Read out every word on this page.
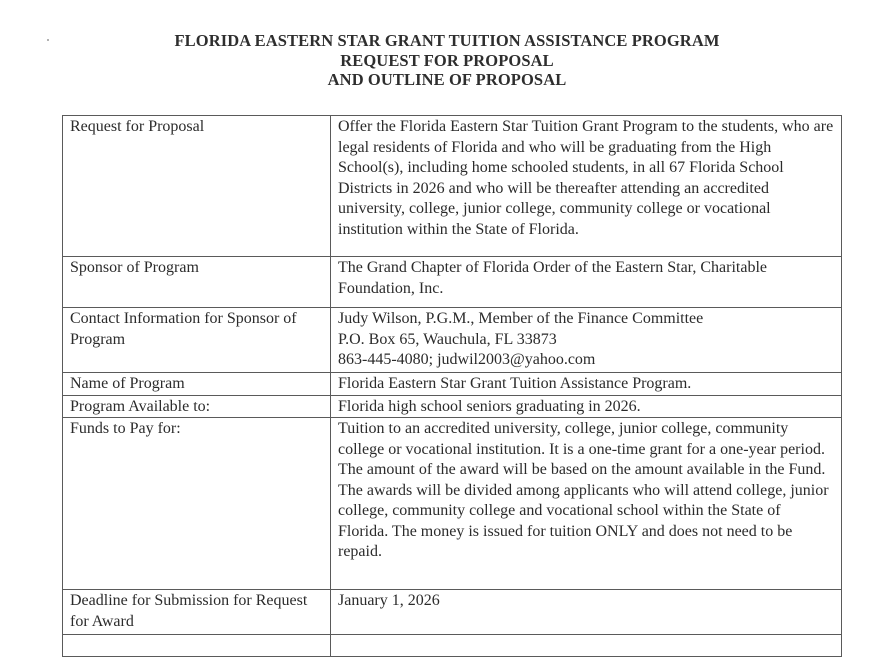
FLORIDA EASTERN STAR GRANT TUITION ASSISTANCE PROGRAM
REQUEST FOR PROPOSAL
AND OUTLINE OF PROPOSAL
Request for Proposal	Offer the Florida Eastern Star Tuition Grant Program to the students, who are legal residents of Florida and who will be graduating from the High School(s), including home schooled students, in all 67 Florida School Districts in 2026 and who will be thereafter attending an accredited university, college, junior college, community college or vocational institution within the State of Florida.
Sponsor of Program	The Grand Chapter of Florida Order of the Eastern Star, Charitable Foundation, Inc.
Contact Information for Sponsor of Program	Judy Wilson, P.G.M., Member of the Finance Committee
P.O. Box 65, Wauchula, FL 33873
863-445-4080; judwil2003@yahoo.com

Name of Program	Florida Eastern Star Grant Tuition Assistance Program.
Program Available to:	Florida high school seniors graduating in 2026.
Funds to Pay for:	Tuition to an accredited university, college, junior college, community college or vocational institution. It is a one-time grant for a one-year period. The amount of the award will be based on the amount available in the Fund. The awards will be divided among applicants who will attend college, junior college, community college and vocational school within the State of Florida. The money is issued for tuition ONLY and does not need to be repaid.
Deadline for Submission for Request for Award	January 1, 2026
